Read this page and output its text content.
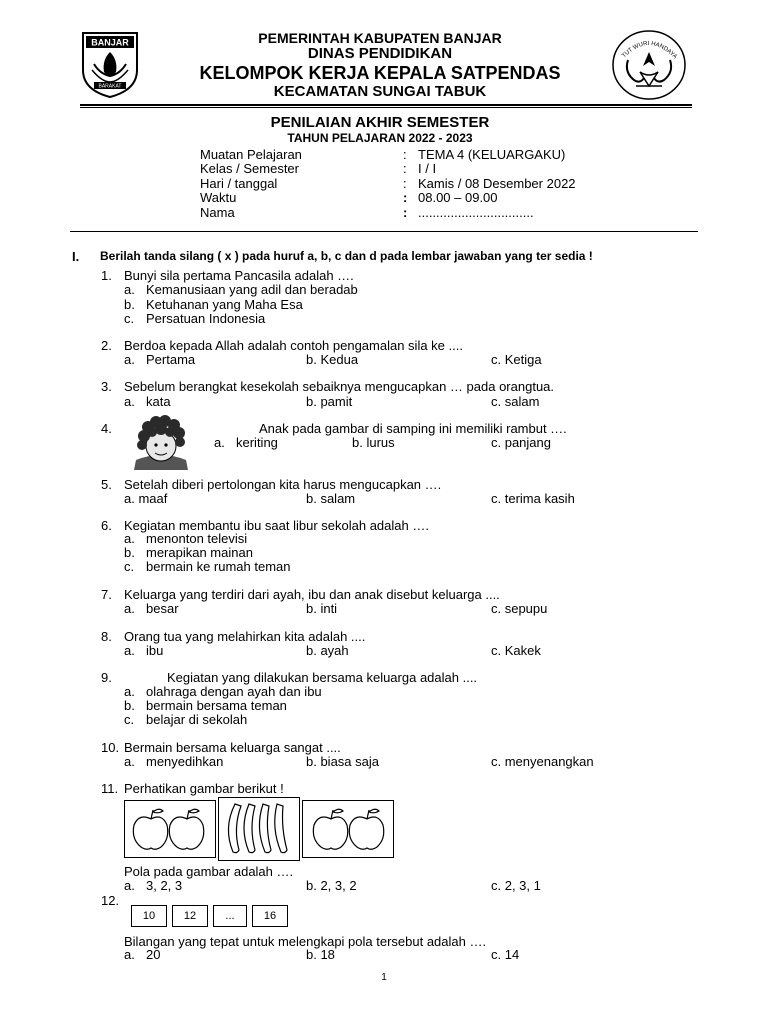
BANJAR
BARAKAT
PEMERINTAH KABUPATEN BANJAR
DINAS PENDIDIKAN
KELOMPOK KERJA KEPALA SATPENDAS
KECAMATAN SUNGAI TABUK
TUT WURI HANDAYA
PENILAIAN AKHIR SEMESTER
TAHUN PELAJARAN 2022 - 2023
Muatan Pelajaran	: TEMA 4 (KELUARGAKU)
Kelas / Semester	: I / I
Hari / tanggal	: Kamis / 08 Desember 2022
Waktu	: 08.00 – 09.00
Nama	: ................................
I. Berilah tanda silang ( x ) pada huruf a, b, c dan d pada lembar jawaban yang ter sedia !
1. Bunyi sila pertama Pancasila adalah ….
a. Kemanusiaan yang adil dan beradab
b. Ketuhanan yang Maha Esa
c. Persatuan Indonesia
2. Berdoa kepada Allah adalah contoh pengamalan sila ke ....
a. Pertama	b. Kedua	c. Ketiga
3. Sebelum berangkat kesekolah sebaiknya mengucapkan … pada orangtua.
a. kata	b. pamit	c. salam
4.	Anak pada gambar di samping ini memiliki rambut ….
a. keriting	b. lurus	c. panjang
5. Setelah diberi pertolongan kita harus mengucapkan ….
a. maaf	b. salam	c. terima kasih
6. Kegiatan membantu ibu saat libur sekolah adalah ….
a. menonton televisi
b. merapikan mainan
c. bermain ke rumah teman
7. Keluarga yang terdiri dari ayah, ibu dan anak disebut keluarga ....
a. besar	b. inti	c. sepupu
8. Orang tua yang melahirkan kita adalah ....
a. ibu	b. ayah	c. Kakek
9.	Kegiatan yang dilakukan bersama keluarga adalah ....
a. olahraga dengan ayah dan ibu
b. bermain bersama teman
c. belajar di sekolah
10. Bermain bersama keluarga sangat ....
a. menyedihkan	b. biasa saja	c. menyenangkan
11. Perhatikan gambar berikut !
Pola pada gambar adalah ….
a. 3, 2, 3	b. 2, 3, 2	c. 2, 3, 1
12.
10	12	...	16
Bilangan yang tepat untuk melengkapi pola tersebut adalah ….
a. 20	b. 18	c. 14
1
